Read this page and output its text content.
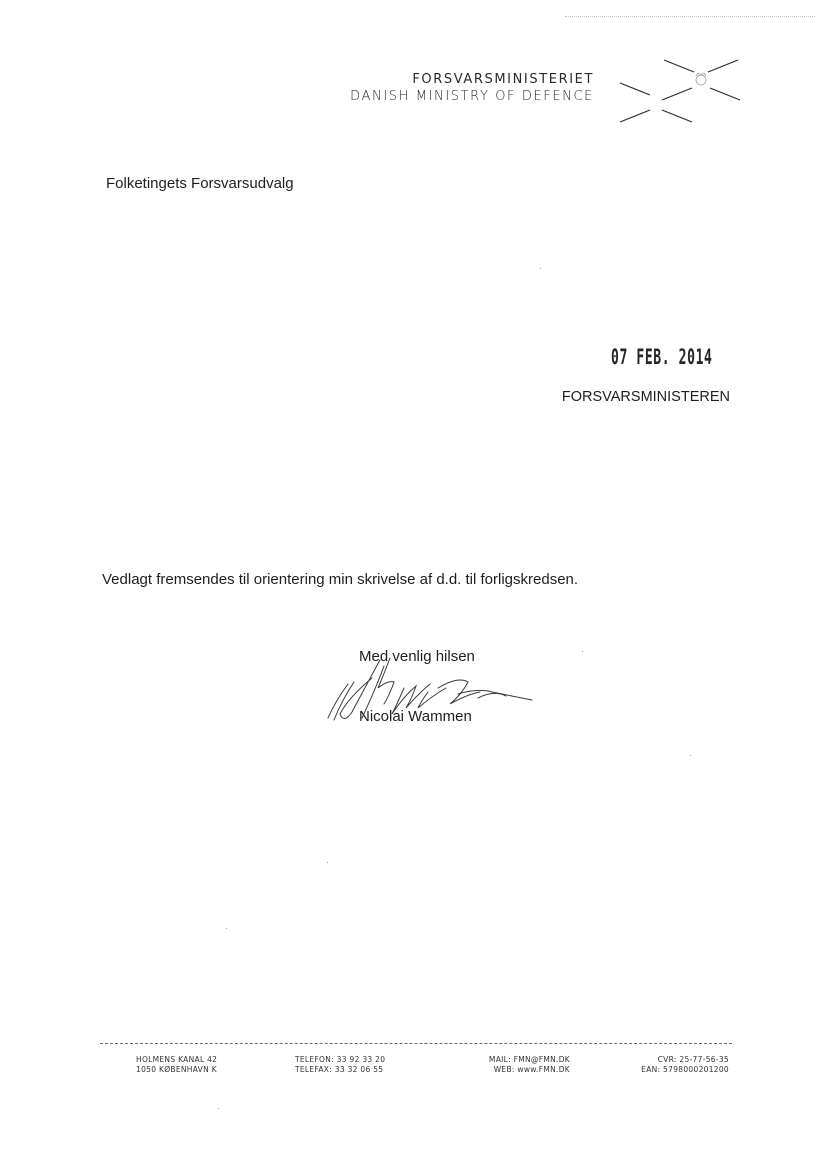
FORSVARSMINISTERIET
DANISH MINISTRY OF DEFENCE
Folketingets Forsvarsudvalg
07 FEB. 2014
FORSVARSMINISTEREN
Vedlagt fremsendes til orientering min skrivelse af d.d. til forligskredsen.
Med venlig hilsen
Nicolai Wammen
HOLMENS KANAL 42
1050 KØBENHAVN K
TELEFON: 33 92 33 20
TELEFAX: 33 32 06 55
MAIL: FMN@FMN.DK
WEB: www.FMN.DK
CVR: 25-77-56-35
EAN: 5798000201200
